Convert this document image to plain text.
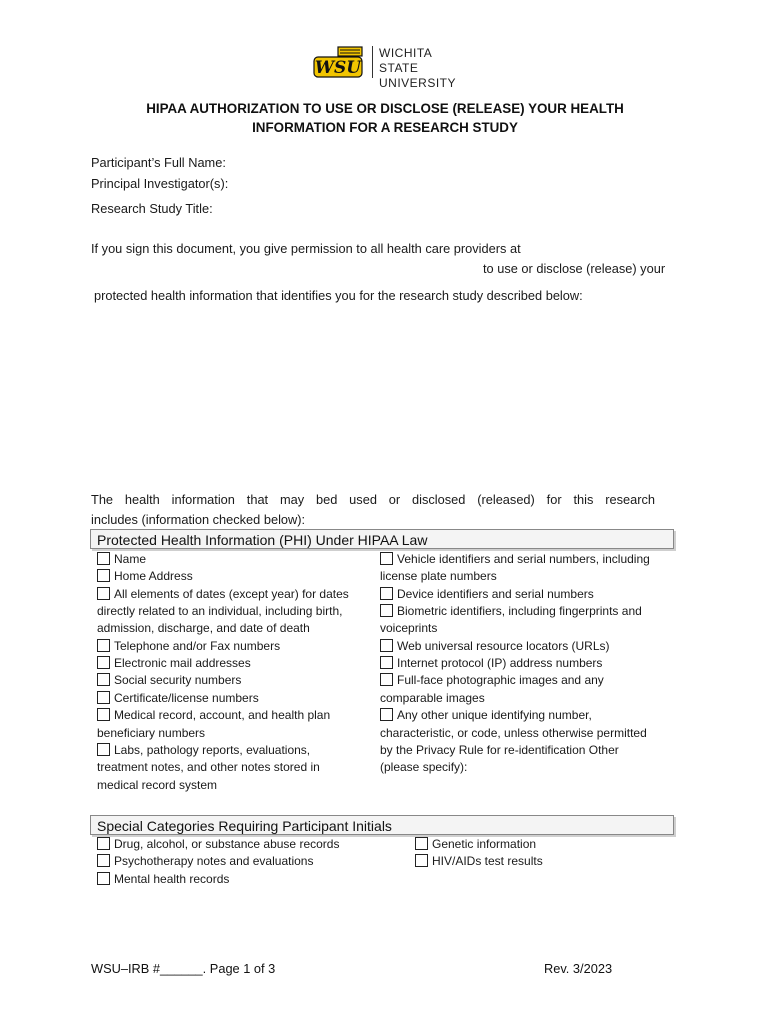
WSU
WICHITA STATE
UNIVERSITY
HIPAA AUTHORIZATION TO USE OR DISCLOSE (RELEASE) YOUR HEALTH
INFORMATION FOR A RESEARCH STUDY
Participant’s Full Name:
Principal Investigator(s):
Research Study Title:
If you sign this document, you give permission to all health care providers at
to use or disclose (release) your
protected health information that identifies you for the research study described below:
The health information that may bed used or disclosed (released) for this research
includes (information checked below):
Protected Health Information (PHI) Under HIPAA Law
Name
Home Address
All elements of dates (except year) for dates
directly related to an individual, including birth,
admission, discharge, and date of death
Telephone and/or Fax numbers
Electronic mail addresses
Social security numbers
Certificate/license numbers
Medical record, account, and health plan
beneficiary numbers
Labs, pathology reports, evaluations,
treatment notes, and other notes stored in
medical record system
Vehicle identifiers and serial numbers, including
license plate numbers
Device identifiers and serial numbers
Biometric identifiers, including fingerprints and
voiceprints
Web universal resource locators (URLs)
Internet protocol (IP) address numbers
Full-face photographic images and any
comparable images
Any other unique identifying number,
characteristic, or code, unless otherwise permitted
by the Privacy Rule for re-identification Other
(please specify):
Special Categories Requiring Participant Initials
Drug, alcohol, or substance abuse records
Psychotherapy notes and evaluations
Mental health records
Genetic information
HIV/AIDs test results
WSU–IRB #______. Page 1 of 3	Rev. 3/2023
